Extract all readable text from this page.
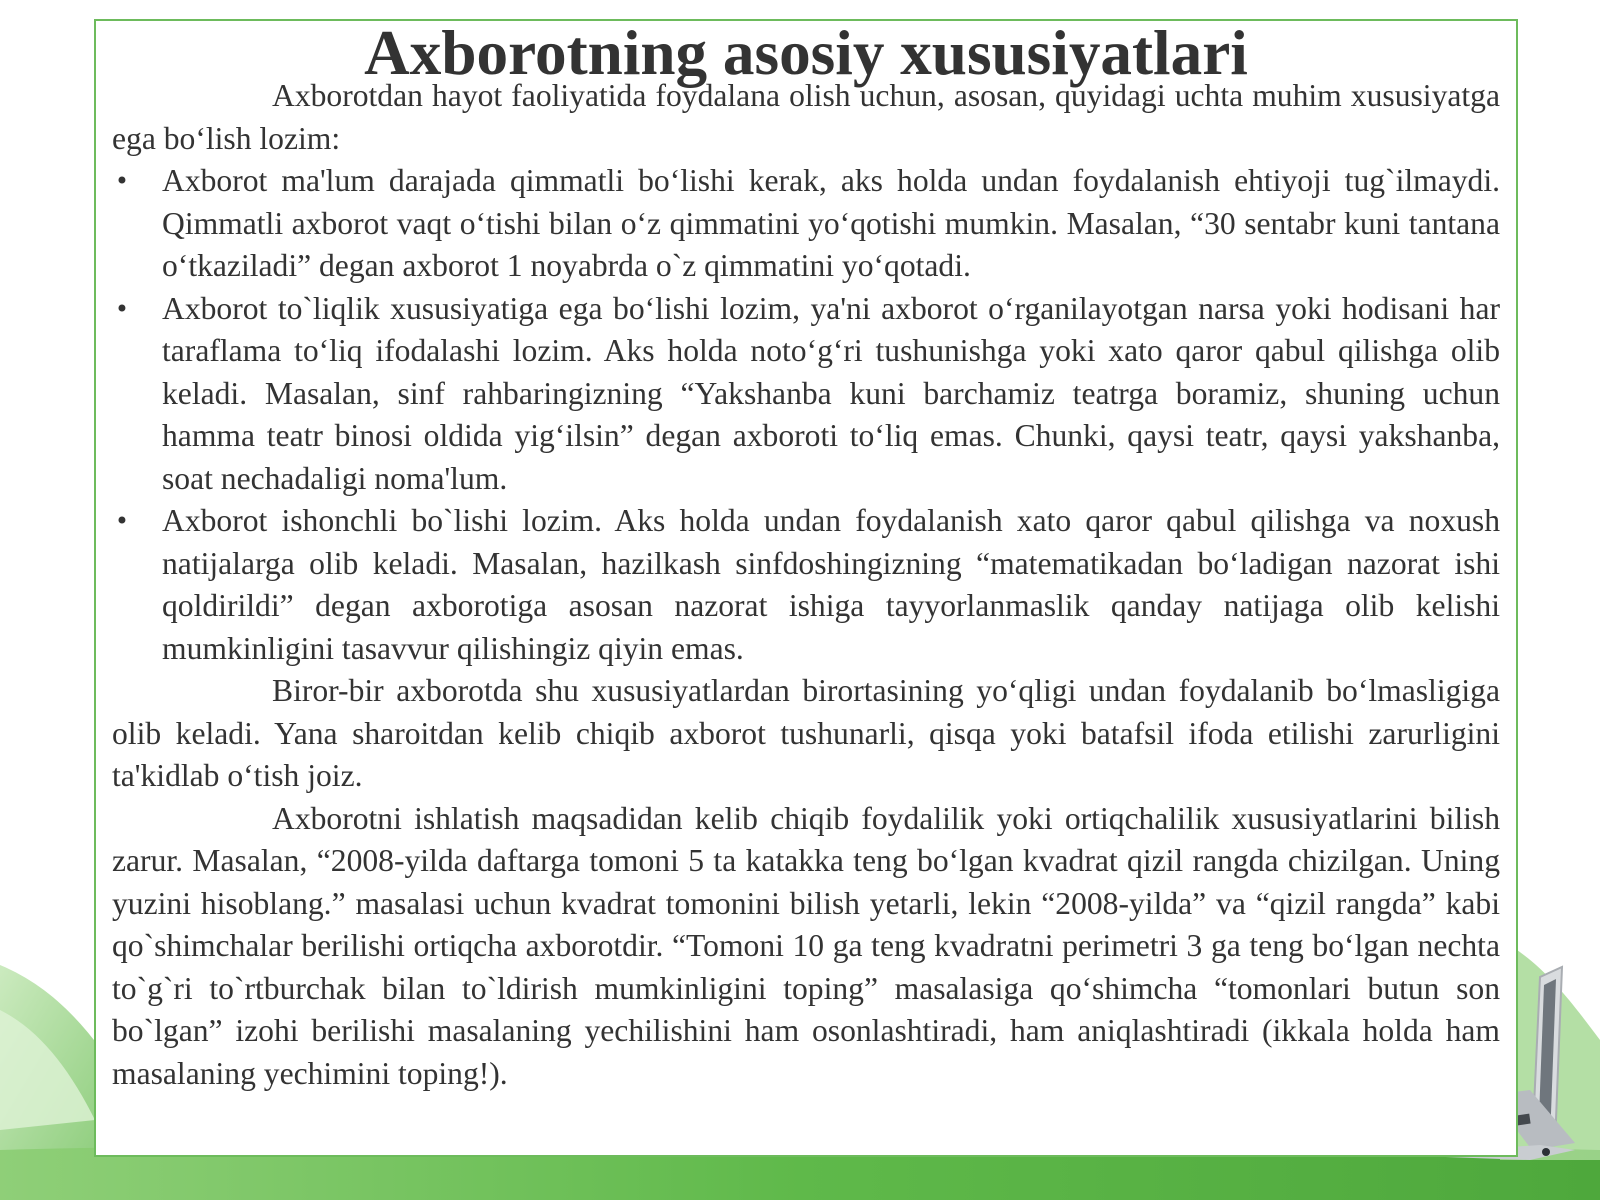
Axborotning asosiy xususiyatlari

Axborotdan hayot faoliyatida foydalana olish uchun, asosan, quyidagi uchta muhim xususiyatga ega bo‘lish lozim:

• Axborot ma'lum darajada qimmatli bo‘lishi kerak, aks holda undan foydalanish ehtiyoji tug`ilmaydi. Qimmatli axborot vaqt o‘tishi bilan o‘z qimmatini yo‘qotishi mumkin. Masalan, “30 sentabr kuni tantana o‘tkaziladi” degan axborot 1 noyabrda o`z qimmatini yo‘qotadi.
• Axborot to`liqlik xususiyatiga ega bo‘lishi lozim, ya'ni axborot o‘rganilayotgan narsa yoki hodisani har taraflama to‘liq ifodalashi lozim. Aks holda noto‘g‘ri tushunishga yoki xato qaror qabul qilishga olib keladi. Masalan, sinf rahbaringizning “Yakshanba kuni barchamiz teatrga boramiz, shuning uchun hamma teatr binosi oldida yig‘ilsin” degan axboroti to‘liq emas. Chunki, qaysi teatr, qaysi yakshanba, soat nechadaligi noma'lum.
• Axborot ishonchli bo`lishi lozim. Aks holda undan foydalanish xato qaror qabul qilishga va noxush natijalarga olib keladi. Masalan, hazilkash sinfdoshingizning “matematikadan bo‘ladigan nazorat ishi qoldirildi” degan axborotiga asosan nazorat ishiga tayyorlanmaslik qanday natijaga olib kelishi mumkinligini tasavvur qilishingiz qiyin emas.

Biror-bir axborotda shu xususiyatlardan birortasining yo‘qligi undan foydalanib bo‘lmasligiga olib keladi. Yana sharoitdan kelib chiqib axborot tushunarli, qisqa yoki batafsil ifoda etilishi zarurligini ta'kidlab o‘tish joiz.

Axborotni ishlatish maqsadidan kelib chiqib foydalilik yoki ortiqchalilik xususiyatlarini bilish zarur. Masalan, “2008-yilda daftarga tomoni 5 ta katakka teng bo‘lgan kvadrat qizil rangda chizilgan. Uning yuzini hisoblang.” masalasi uchun kvadrat tomonini bilish yetarli, lekin “2008-yilda” va “qizil rangda” kabi qo`shimchalar berilishi ortiqcha axborotdir. “Tomoni 10 ga teng kvadratni perimetri 3 ga teng bo‘lgan nechta to`g`ri to`rtburchak bilan to`ldirish mumkinligini toping” masalasiga qo‘shimcha “tomonlari butun son bo`lgan” izohi berilishi masalaning yechilishini ham osonlashtiradi, ham aniqlashtiradi (ikkala holda ham masalaning yechimini toping!).
